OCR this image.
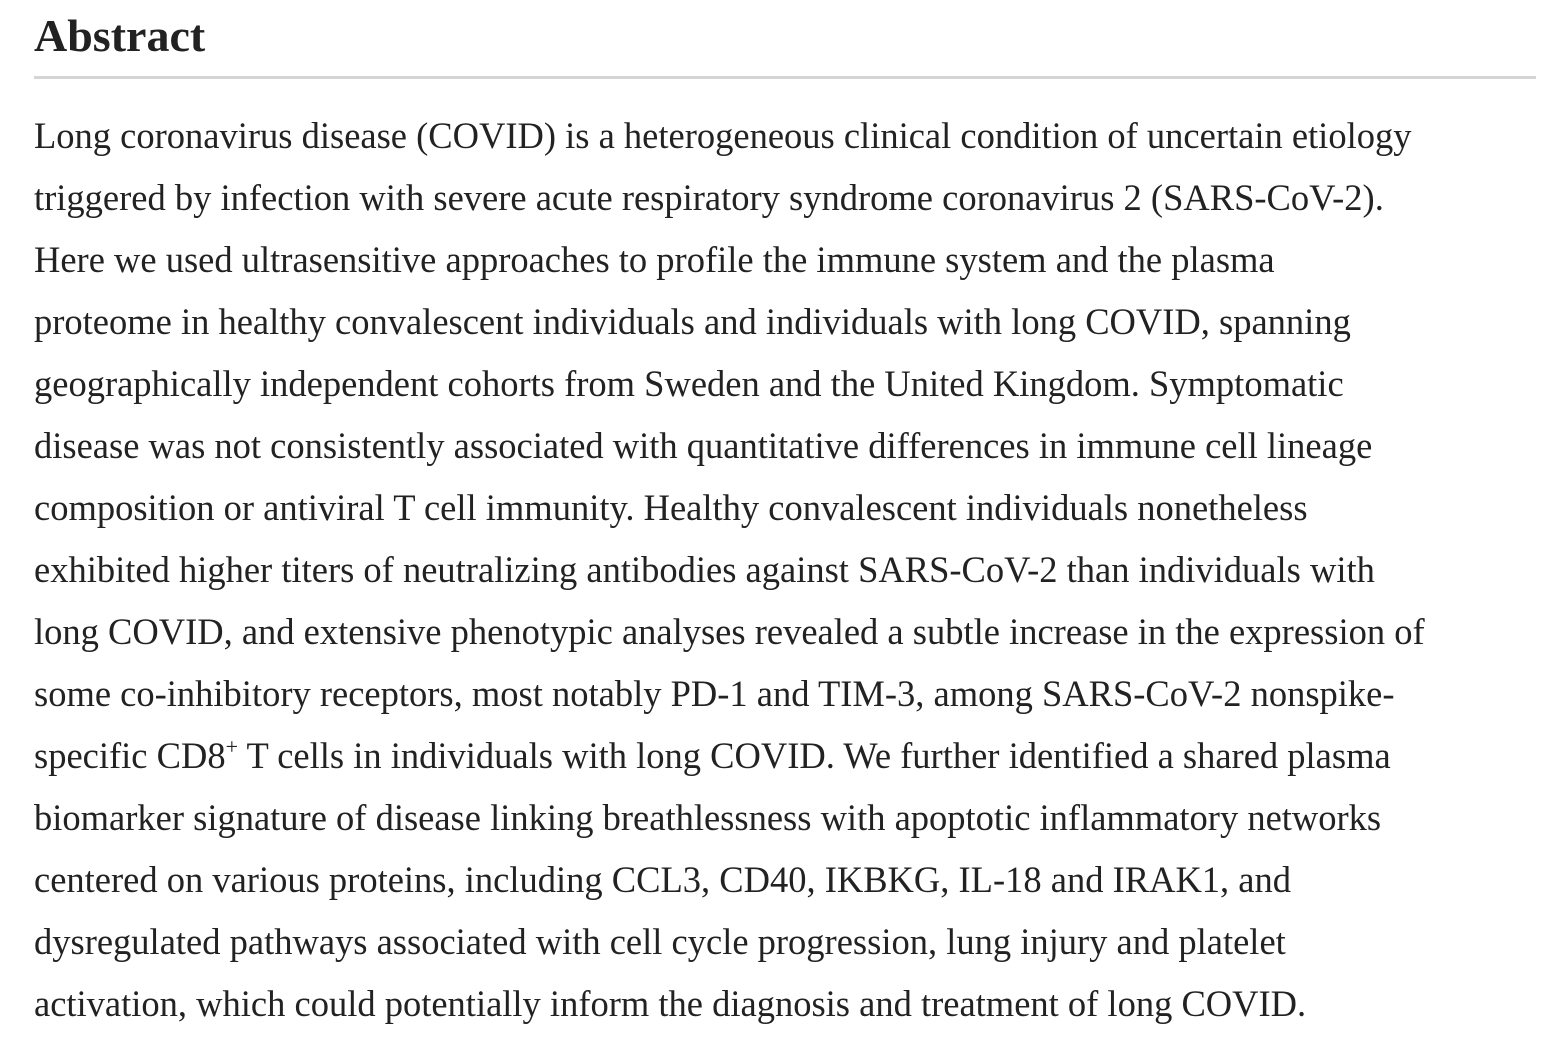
Abstract

Long coronavirus disease (COVID) is a heterogeneous clinical condition of uncertain etiology
triggered by infection with severe acute respiratory syndrome coronavirus 2 (SARS-CoV-2).
Here we used ultrasensitive approaches to profile the immune system and the plasma
proteome in healthy convalescent individuals and individuals with long COVID, spanning
geographically independent cohorts from Sweden and the United Kingdom. Symptomatic
disease was not consistently associated with quantitative differences in immune cell lineage
composition or antiviral T cell immunity. Healthy convalescent individuals nonetheless
exhibited higher titers of neutralizing antibodies against SARS-CoV-2 than individuals with
long COVID, and extensive phenotypic analyses revealed a subtle increase in the expression of
some co-inhibitory receptors, most notably PD-1 and TIM-3, among SARS-CoV-2 nonspike-
specific CD8+ T cells in individuals with long COVID. We further identified a shared plasma
biomarker signature of disease linking breathlessness with apoptotic inflammatory networks
centered on various proteins, including CCL3, CD40, IKBKG, IL-18 and IRAK1, and
dysregulated pathways associated with cell cycle progression, lung injury and platelet
activation, which could potentially inform the diagnosis and treatment of long COVID.
